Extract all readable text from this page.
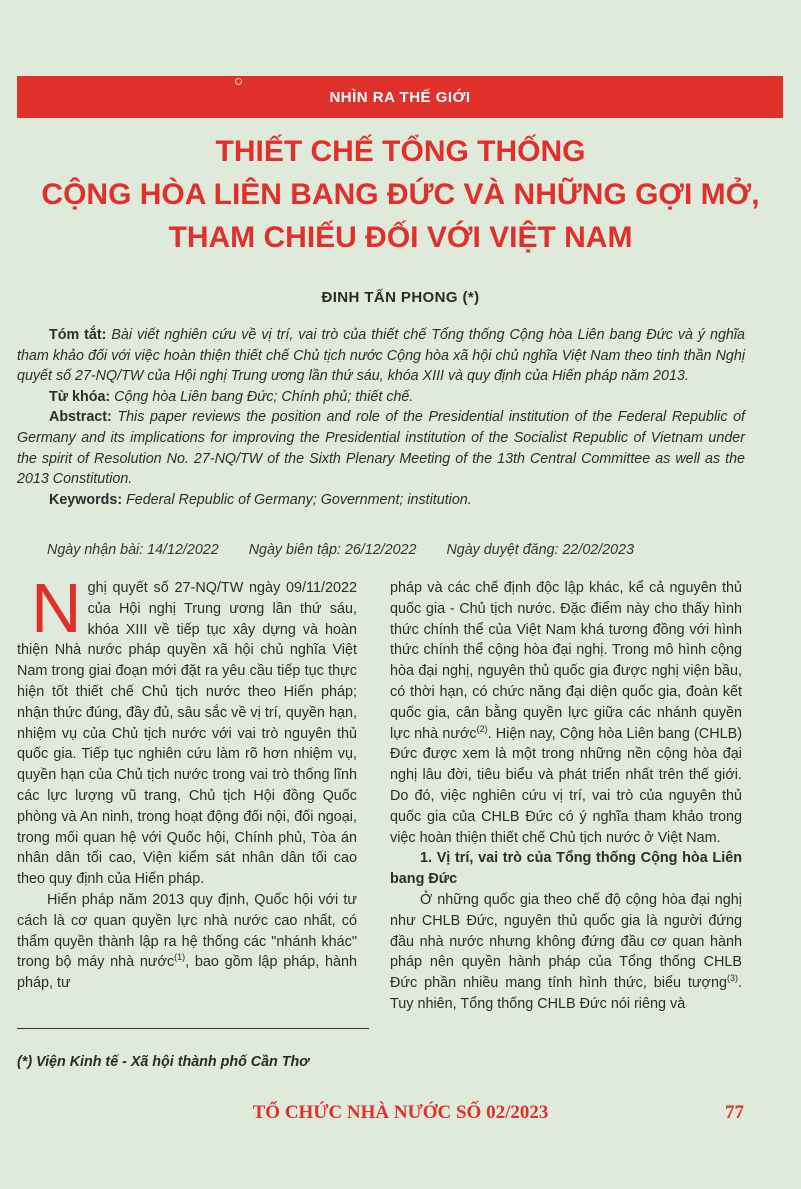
NHÌN RA THẾ GIỚI
THIẾT CHẾ TỔNG THỐNG
CỘNG HÒA LIÊN BANG ĐỨC VÀ NHỮNG GỢI MỞ,
THAM CHIẾU ĐỐI VỚI VIỆT NAM
ĐINH TẤN PHONG (*)

Tóm tắt: Bài viết nghiên cứu về vị trí, vai trò của thiết chế Tổng thống Cộng hòa Liên bang Đức và ý nghĩa tham khảo đối với việc hoàn thiện thiết chế Chủ tịch nước Cộng hòa xã hội chủ nghĩa Việt Nam theo tinh thần Nghị quyết số 27-NQ/TW của Hội nghị Trung ương lần thứ sáu, khóa XIII và quy định của Hiến pháp năm 2013.

Từ khóa: Cộng hòa Liên bang Đức; Chính phủ; thiết chế.

Abstract: This paper reviews the position and role of the Presidential institution of the Federal Republic of Germany and its implications for improving the Presidential institution of the Socialist Republic of Vietnam under the spirit of Resolution No. 27-NQ/TW of the Sixth Plenary Meeting of the 13th Central Committee as well as the 2013 Constitution.

Keywords: Federal Republic of Germany; Government; institution.

Ngày nhận bài: 14/12/2022 Ngày biên tập: 26/12/2022 Ngày duyệt đăng: 22/02/2023

Nghị quyết số 27-NQ/TW ngày 09/11/2022 của Hội nghị Trung ương lần thứ sáu, khóa XIII về tiếp tục xây dựng và hoàn thiện Nhà nước pháp quyền xã hội chủ nghĩa Việt Nam trong giai đoạn mới đặt ra yêu cầu tiếp tục thực hiện tốt thiết chế Chủ tịch nước theo Hiến pháp; nhận thức đúng, đầy đủ, sâu sắc về vị trí, quyền hạn, nhiệm vụ của Chủ tịch nước với vai trò nguyên thủ quốc gia. Tiếp tục nghiên cứu làm rõ hơn nhiệm vụ, quyền hạn của Chủ tịch nước trong vai trò thống lĩnh các lực lượng vũ trang, Chủ tịch Hội đồng Quốc phòng và An ninh, trong hoạt động đối nội, đối ngoại, trong mối quan hệ với Quốc hội, Chính phủ, Tòa án nhân dân tối cao, Viện kiểm sát nhân dân tối cao theo quy định của Hiến pháp.

Hiến pháp năm 2013 quy định, Quốc hội với tư cách là cơ quan quyền lực nhà nước cao nhất, có thẩm quyền thành lập ra hệ thống các "nhánh khác" trong bộ máy nhà nước$^{(1)}$, bao gồm lập pháp, hành pháp, tư

(*) Viện Kinh tế - Xã hội thành phố Cần Thơ

pháp và các chế định độc lập khác, kể cả nguyên thủ quốc gia - Chủ tịch nước. Đặc điểm này cho thấy hình thức chính thể của Việt Nam khá tương đồng với hình thức chính thể cộng hòa đại nghị. Trong mô hình cộng hòa đại nghị, nguyên thủ quốc gia được nghị viện bầu, có thời hạn, có chức năng đại diện quốc gia, đoàn kết quốc gia, cân bằng quyền lực giữa các nhánh quyền lực nhà nước$^{(2)}$. Hiện nay, Cộng hòa Liên bang (CHLB) Đức được xem là một trong những nền cộng hòa đại nghị lâu đời, tiêu biểu và phát triển nhất trên thế giới. Do đó, việc nghiên cứu vị trí, vai trò của nguyên thủ quốc gia của CHLB Đức có ý nghĩa tham khảo trong việc hoàn thiện thiết chế Chủ tịch nước ở Việt Nam.

1. Vị trí, vai trò của Tổng thống Cộng hòa Liên bang Đức

Ở những quốc gia theo chế độ cộng hòa đại nghị như CHLB Đức, nguyên thủ quốc gia là người đứng đầu nhà nước nhưng không đứng đầu cơ quan hành pháp nên quyền hành pháp của Tổng thống CHLB Đức phần nhiều mang tính hình thức, biểu tượng$^{(3)}$. Tuy nhiên, Tổng thống CHLB Đức nói riêng và

TỔ CHỨC NHÀ NƯỚC SỐ 02/2023	77
